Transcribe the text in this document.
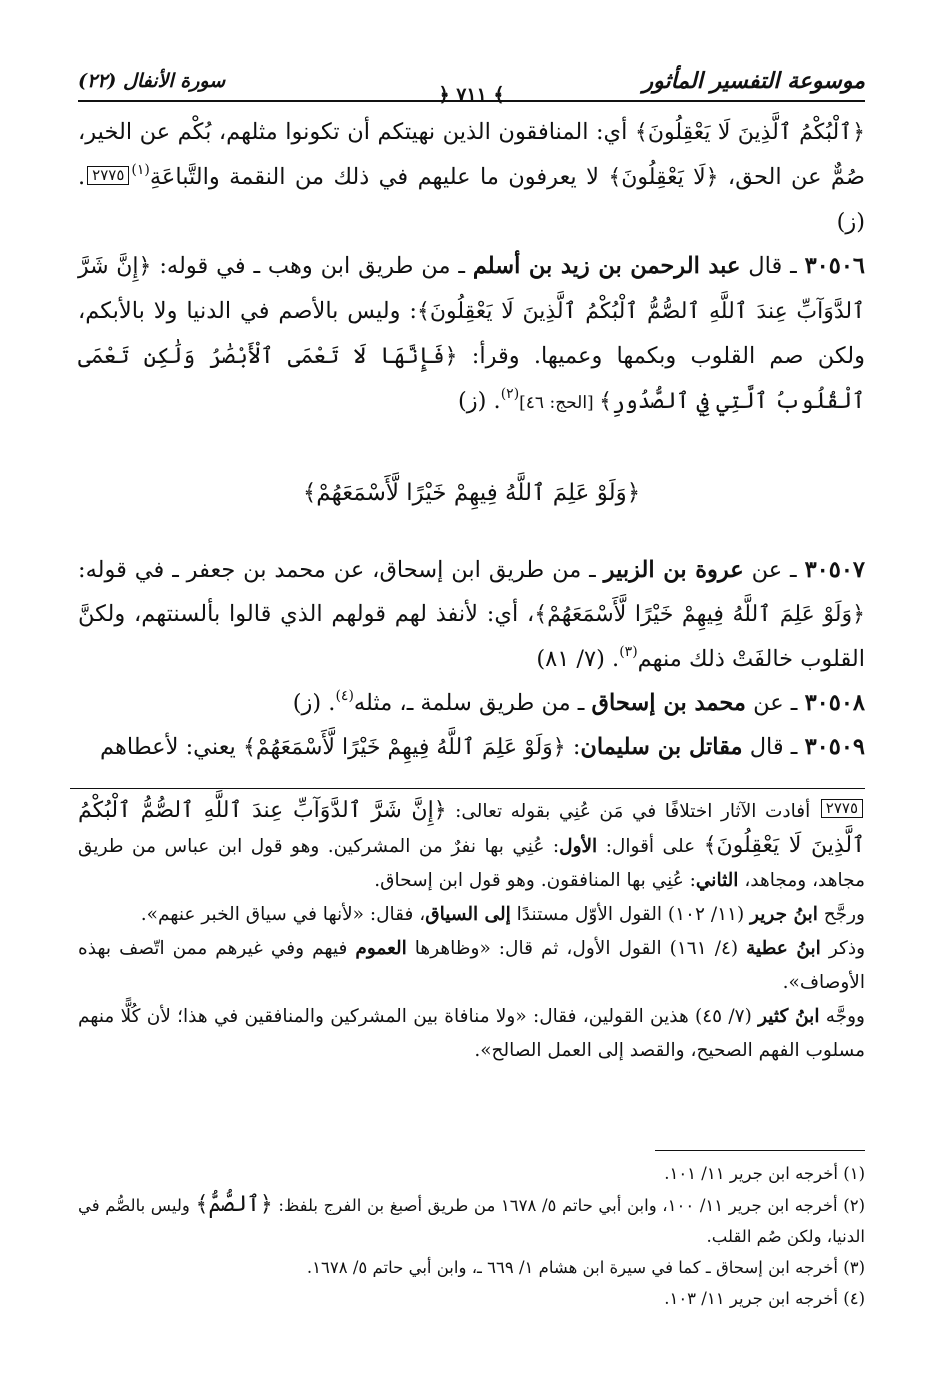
موسوعة التفسير المأثور
سورة الأنفال (٢٢)
﴾ ٧١١ ﴿

﴿ٱلْبُكْمُ ٱلَّذِينَ لَا يَعْقِلُونَ﴾ أي: المنافقون الذين نهيتكم أن تكونوا مثلهم، بُكْم عن الخير، صُمٌّ عن الحق، ﴿لَا يَعْقِلُونَ﴾ لا يعرفون ما عليهم في ذلك من النقمة والتَّباعَةِ$^{(١)}$٢٧٧٥. (ز)

٣٠٥٠٦ ـ قال عبد الرحمن بن زيد بن أسلم ـ من طريق ابن وهب ـ في قوله: ﴿إِنَّ شَرَّ ٱلدَّوَآبِّ عِندَ ٱللَّهِ ٱلصُّمُّ ٱلْبُكْمُ ٱلَّذِينَ لَا يَعْقِلُونَ﴾: وليس بالأصم في الدنيا ولا بالأبكم، ولكن صم القلوب وبكمها وعميها. وقرأ: ﴿فَإِنَّهَا لَا تَعْمَى ٱلْأَبْصَٰرُ وَلَٰكِن تَعْمَى ٱلْقُلُوبُ ٱلَّتِي فِي ٱلصُّدُورِ﴾ [الحج: ٤٦]$^{(٢)}$. (ز)

﴿وَلَوْ عَلِمَ ٱللَّهُ فِيهِمْ خَيْرًا لَّأَسْمَعَهُمْ﴾

٣٠٥٠٧ ـ عن عروة بن الزبير ـ من طريق ابن إسحاق، عن محمد بن جعفر ـ في قوله: ﴿وَلَوْ عَلِمَ ٱللَّهُ فِيهِمْ خَيْرًا لَّأَسْمَعَهُمْ﴾، أي: لأنفذ لهم قولهم الذي قالوا بألسنتهم، ولكنَّ القلوب خالفَتْ ذلك منهم$^{(٣)}$. (٧/ ٨١)

٣٠٥٠٨ ـ عن محمد بن إسحاق ـ من طريق سلمة ـ، مثله$^{(٤)}$. (ز)

٣٠٥٠٩ ـ قال مقاتل بن سليمان: ﴿وَلَوْ عَلِمَ ٱللَّهُ فِيهِمْ خَيْرًا لَّأَسْمَعَهُمْ﴾ يعني: لأعطاهم

٢٧٧٥ أفادت الآثار اختلافًا في مَن عُنِي بقوله تعالى: ﴿إِنَّ شَرَّ ٱلدَّوَآبِّ عِندَ ٱللَّهِ ٱلصُّمُّ ٱلْبُكْمُ ٱلَّذِينَ لَا يَعْقِلُونَ﴾ على أقوال: الأول: عُنِي بها نفرٌ من المشركين. وهو قول ابن عباس من طريق مجاهد، ومجاهد، الثاني: عُنِي بها المنافقون. وهو قول ابن إسحاق.

ورجَّح ابنُ جرير (١١/ ١٠٢) القول الأوّل مستندًا إلى السياق، فقال: «لأنها في سياق الخبر عنهم».

وذكر ابنُ عطية (٤/ ١٦١) القول الأول، ثم قال: «وظاهرها العموم فيهم وفي غيرهم ممن اتّصف بهذه الأوصاف».

ووجَّه ابنُ كثير (٧/ ٤٥) هذين القولين، فقال: «ولا منافاة بين المشركين والمنافقين في هذا؛ لأن كُلًّا منهم مسلوب الفهم الصحيح، والقصد إلى العمل الصالح».

(١) أخرجه ابن جرير ١١/ ١٠١.

(٢) أخرجه ابن جرير ١١/ ١٠٠، وابن أبي حاتم ٥/ ١٦٧٨ من طريق أصبغ بن الفرج بلفظ: ﴿ٱلصُّمُّ﴾ وليس بالصُّم في الدنيا، ولكن صُم القلب.

(٣) أخرجه ابن إسحاق ـ كما في سيرة ابن هشام ١/ ٦٦٩ ـ، وابن أبي حاتم ٥/ ١٦٧٨.

(٤) أخرجه ابن جرير ١١/ ١٠٣.
